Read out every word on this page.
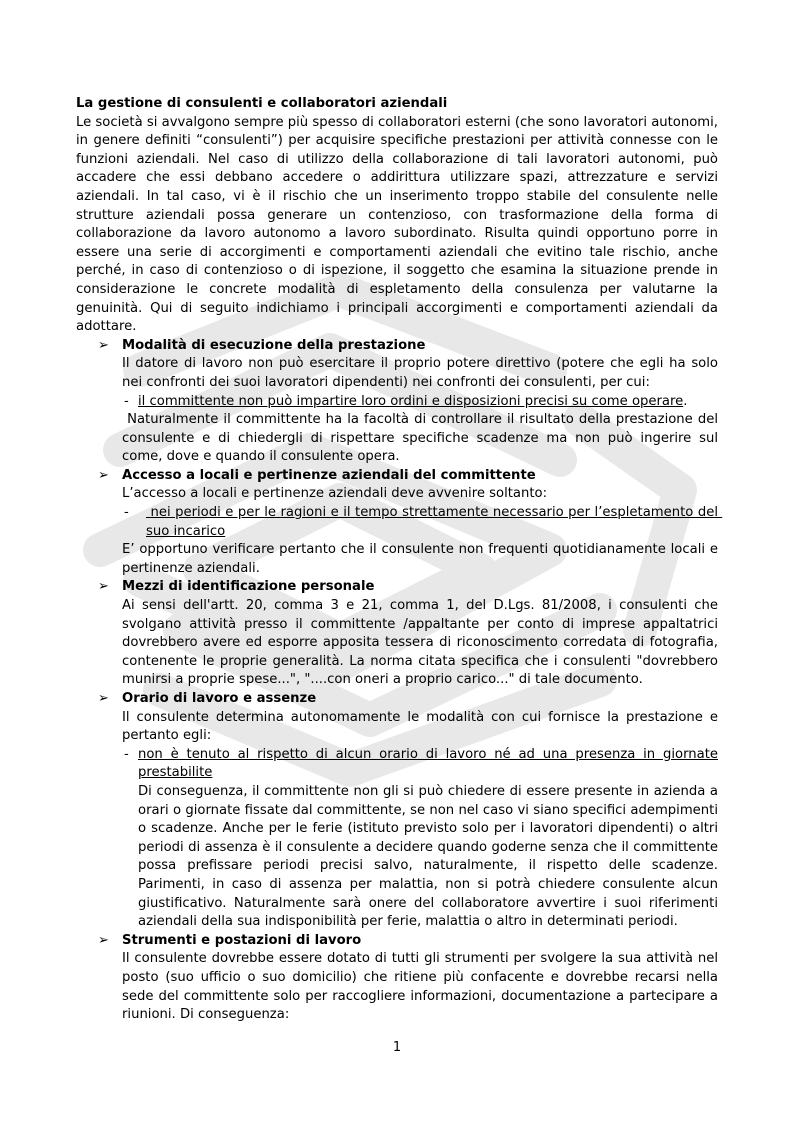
La gestione di consulenti e collaboratori aziendali

Le società si avvalgono sempre più spesso di collaboratori esterni (che sono lavoratori autonomi, in genere definiti “consulenti”) per acquisire specifiche prestazioni per attività connesse con le funzioni aziendali. Nel caso di utilizzo della collaborazione di tali lavoratori autonomi, può accadere che essi debbano accedere o addirittura utilizzare spazi, attrezzature e servizi aziendali. In tal caso, vi è il rischio che un inserimento troppo stabile del consulente nelle strutture aziendali possa generare un contenzioso, con trasformazione della forma di collaborazione da lavoro autonomo a lavoro subordinato. Risulta quindi opportuno porre in essere una serie di accorgimenti e comportamenti aziendali che evitino tale rischio, anche perché, in caso di contenzioso o di ispezione, il soggetto che esamina la situazione prende in considerazione le concrete modalità di espletamento della consulenza per valutarne la genuinità. Qui di seguito indichiamo i principali accorgimenti e comportamenti aziendali da adottare.

➢ Modalità di esecuzione della prestazione

Il datore di lavoro non può esercitare il proprio potere direttivo (potere che egli ha solo nei confronti dei suoi lavoratori dipendenti) nei confronti dei consulenti, per cui:

- il committente non può impartire loro ordini e disposizioni precisi su come operare.

Naturalmente il committente ha la facoltà di controllare il risultato della prestazione del consulente e di chiedergli di rispettare specifiche scadenze ma non può ingerire sul come, dove e quando il consulente opera.

➢ Accesso a locali e pertinenze aziendali del committente

L’accesso a locali e pertinenze aziendali deve avvenire soltanto:

- nei periodi e per le ragioni e il tempo strettamente necessario per l’espletamento del suo incarico

E’ opportuno verificare pertanto che il consulente non frequenti quotidianamente locali e pertinenze aziendali.

➢ Mezzi di identificazione personale

Ai sensi dell'artt. 20, comma 3 e 21, comma 1, del D.Lgs. 81/2008, i consulenti che svolgano attività presso il committente /appaltante per conto di imprese appaltatrici dovrebbero avere ed esporre apposita tessera di riconoscimento corredata di fotografia, contenente le proprie generalità. La norma citata specifica che i consulenti "dovrebbero munirsi a proprie spese...", "....con oneri a proprio carico..." di tale documento.

➢ Orario di lavoro e assenze

Il consulente determina autonomamente le modalità con cui fornisce la prestazione e pertanto egli:

- non è tenuto al rispetto di alcun orario di lavoro né ad una presenza in giornate prestabilite

Di conseguenza, il committente non gli si può chiedere di essere presente in azienda a orari o giornate fissate dal committente, se non nel caso vi siano specifici adempimenti o scadenze. Anche per le ferie (istituto previsto solo per i lavoratori dipendenti) o altri periodi di assenza è il consulente a decidere quando goderne senza che il committente possa prefissare periodi precisi salvo, naturalmente, il rispetto delle scadenze. Parimenti, in caso di assenza per malattia, non si potrà chiedere consulente alcun giustificativo. Naturalmente sarà onere del collaboratore avvertire i suoi riferimenti aziendali della sua indisponibilità per ferie, malattia o altro in determinati periodi.

➢ Strumenti e postazioni di lavoro

Il consulente dovrebbe essere dotato di tutti gli strumenti per svolgere la sua attività nel posto (suo ufficio o suo domicilio) che ritiene più confacente e dovrebbe recarsi nella sede del committente solo per raccogliere informazioni, documentazione a partecipare a riunioni. Di conseguenza:

1
